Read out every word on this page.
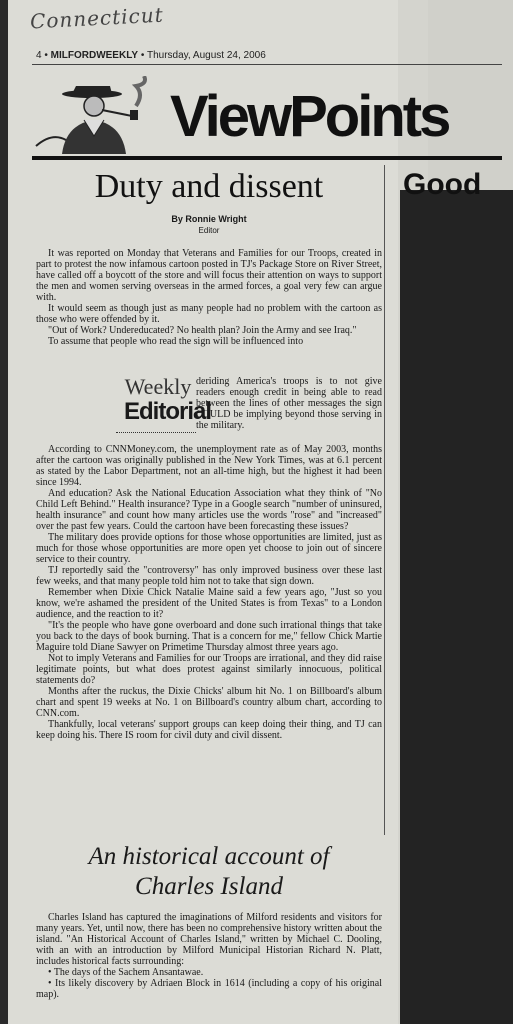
Connecticut
4 • MILFORDWEEKLY • Thursday, August 24, 2006
ViewPoints
Duty and dissent
By Ronnie Wright
Editor

It was reported on Monday that Veterans and Families for our Troops, created in part to protest the now infamous cartoon posted in TJ's Package Store on River Street, have called off a boycott of the store and will focus their attention on ways to support the men and women serving overseas in the armed forces, a goal very few can argue with.

It would seem as though just as many people had no problem with the cartoon as those who were offended by it.

"Out of Work? Undereducated? No health plan? Join the Army and see Iraq."

To assume that people who read the sign will be influenced into

Weekly
Editorial

deriding America's troops is to not give readers enough credit in being able to read between the lines of other messages the sign COULD be implying beyond those serving in the military.

According to CNNMoney.com, the unemployment rate as of May 2003, months after the cartoon was originally published in the New York Times, was at 6.1 percent as stated by the Labor Department, not an all-time high, but the highest it had been since 1994.

And education? Ask the National Education Association what they think of "No Child Left Behind." Health insurance? Type in a Google search "number of uninsured, health insurance" and count how many articles use the words "rose" and "increased" over the past few years. Could the cartoon have been forecasting these issues?

The military does provide options for those whose opportunities are limited, just as much for those whose opportunities are more open yet choose to join out of sincere service to their country.

TJ reportedly said the "controversy" has only improved business over these last few weeks, and that many people told him not to take that sign down.

Remember when Dixie Chick Natalie Maine said a few years ago, "Just so you know, we're ashamed the president of the United States is from Texas" to a London audience, and the reaction to it?

"It's the people who have gone overboard and done such irrational things that take you back to the days of book burning. That is a concern for me," fellow Chick Martie Maguire told Diane Sawyer on Primetime Thursday almost three years ago.

Not to imply Veterans and Families for our Troops are irrational, and they did raise legitimate points, but what does protest against similarly innocuous, political statements do?

Months after the ruckus, the Dixie Chicks' album hit No. 1 on Billboard's album chart and spent 19 weeks at No. 1 on Billboard's country album chart, according to CNN.com.

Thankfully, local veterans' support groups can keep doing their thing, and TJ can keep doing his. There IS room for civil duty and civil dissent.

An historical account of
Charles Island

Charles Island has captured the imaginations of Milford residents and visitors for many years. Yet, until now, there has been no comprehensive history written about the island. "An Historical Account of Charles Island," written by Michael C. Dooling, with an with an introduction by Milford Municipal Historian Richard N. Platt, includes historical facts surrounding:

• The days of the Sachem Ansantawae.

• Its likely discovery by Adriaen Block in 1614 (including a copy of his original map).

Good
